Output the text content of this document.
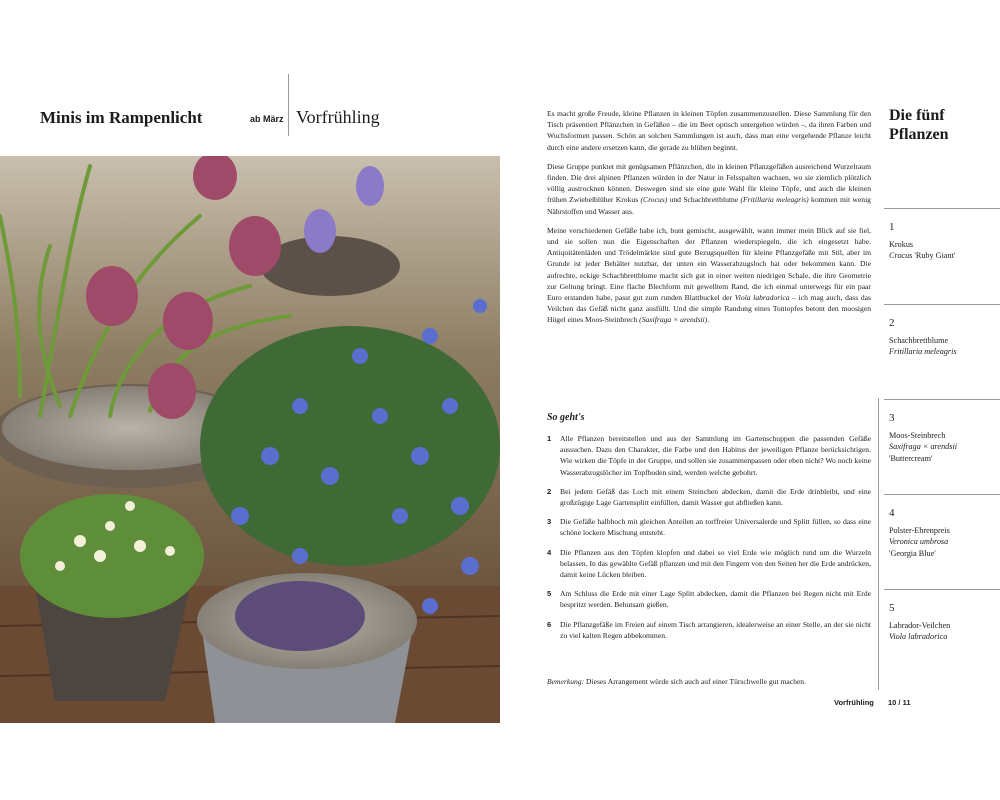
Minis im Rampenlicht	ab März Vorfrühling	Es macht große Freude, kleine Pflanzen in kleinen Töpfen zusammenzustellen. Diese Sammlung für den Tisch präsentiert Pflänzchen in Gefäßen – die im Beet optisch untergehen würden –, da ihren Farben und Wuchsformen passen. Schön an solchen Sammlungen ist auch, dass man eine vergehende Pflanze leicht durch eine andere ersetzen kann, die gerade zu blühen beginnt.

Diese Gruppe punktet mit genügsamen Pflänzchen, die in kleinen Pflanzgefäßen ausreichend Wurzelraum finden. Die drei alpinen Pflanzen würden in der Natur in Felsspalten wachsen, wo sie ziemlich plötzlich völlig austrocknen können. Deswegen sind sie eine gute Wahl für kleine Töpfe, und auch die kleinen frühen Zwiebelblüher Krokus (Crocus) und Schachbrettblume (Fritillaria meleagris) kommen mit wenig Nährstoffen und Wasser aus.

Meine verschiedenen Gefäße habe ich, bunt gemischt, ausgewählt, wann immer mein Blick auf sie fiel, und sie sollen nun die Eigenschaften der Pflanzen wiederspiegeln, die ich eingesetzt habe. Antiquitätenläden und Trödelmärkte sind gute Bezugsquellen für kleine Pflanzgefäße mit Stil, aber im Grunde ist jeder Behälter nutzbar, der unten ein Wasserabzugsloch hat oder bekommen kann. Die aufrechte, eckige Schachbrettblume macht sich gut in einer weiten niedrigen Schale, die ihre Geometrie zur Geltung bringt. Eine flache Blechform mit gewelltem Rand, die ich einmal unterwegs für ein paar Euro erstanden habe, passt gut zum runden Blattbuckel der Viola labradorica – ich mag auch, dass das Veilchen das Gefäß nicht ganz ausfüllt. Und die simple Randung eines Tontopfes betont den moosigen Hügel eines Moos-Steinbrech (Saxifraga × arendsii).

So geht's
1	Alle Pflanzen bereitstellen und aus der Sammlung im Gartenschuppen die passenden Gefäße aussuchen. Dazu den Charakter, die Farbe und den Habitus der jeweiligen Pflanze berücksichtigen. Wie wirken die Töpfe in der Gruppe, und sollen sie zusammenpassen oder eben nicht? Wo noch keine Wasserabzugslöcher im Topfboden sind, werden welche gebohrt.
2	Bei jedem Gefäß das Loch mit einem Steinchen abdecken, damit die Erde drinbleibt, und eine großzügige Lage Gartensplitt einfüllen, damit Wasser gut abfließen kann.
3	Die Gefäße halbhoch mit gleichen Anteilen an torffreier Universalerde und Splitt füllen, so dass eine schöne lockere Mischung entsteht.
4	Die Pflanzen aus den Töpfen klopfen und dabei so viel Erde wie möglich rund um die Wurzeln belassen. In das gewählte Gefäß pflanzen und mit den Fingern von den Seiten her die Erde andrücken, damit keine Lücken bleiben.
5	Am Schluss die Erde mit einer Lage Splitt abdecken, damit die Pflanzen bei Regen nicht mit Erde bespritzt werden. Behutsam gießen.
6	Die Pflanzgefäße im Freien auf einem Tisch arrangieren, idealerweise an einer Stelle, an der sie nicht zu viel kalten Regen abbekommen.

Bemerkung: Dieses Arrangement würde sich auch auf einer Türschwelle gut machen.

Die fünf Pflanzen
1
Krokus
Crocus 'Ruby Giant'
2
Schachbrettblume
Fritillaria meleagris
3
Moos-Steinbrech
Saxifraga × arendsii
'Buttercream'
4
Polster-Ehrenpreis
Veronica umbrosa
'Georgia Blue'
5
Labrador-Veilchen
Viola labradorica
Vorfrühling 10 / 11
